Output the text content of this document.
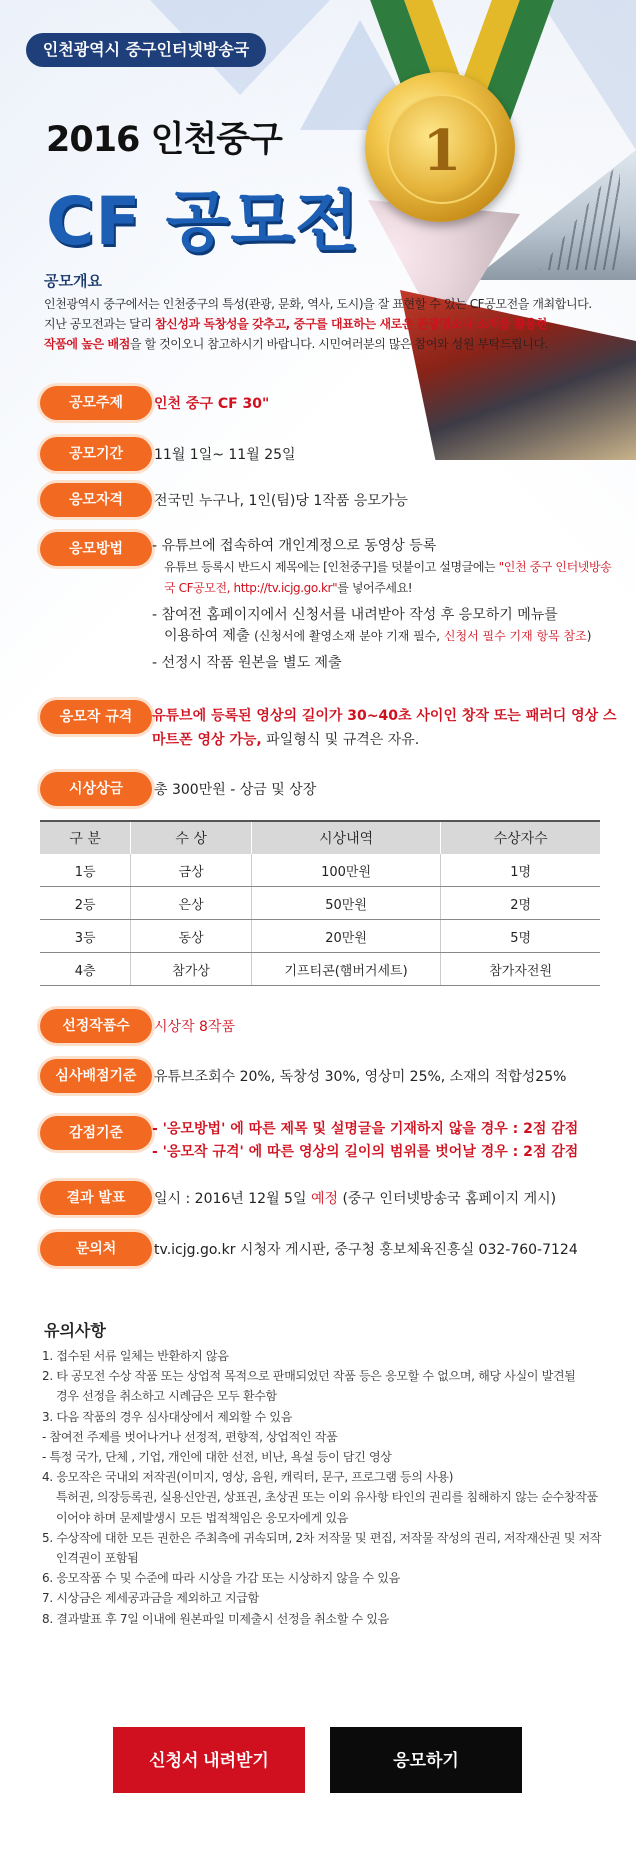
1
인천광역시 중구인터넷방송국
2016 인천중구
CF 공모전
공모개요
인천광역시 중구에서는 인천중구의 특성(관광, 문화, 역사, 도시)을 잘 표현할 수 있는 CF공모전을 개최합니다.
지난 공모전과는 달리 참신성과 독창성을 갖추고, 중구를 대표하는 새로운 관광명소나 소재를 활용한
작품에 높은 배점을 할 것이오니 참고하시기 바랍니다. 시민여러분의 많은 참여와 성원 부탁드립니다.
공모주제	인천 중구 CF 30"
공모기간	11월 1일~ 11월 25일
응모자격	전국민 누구나, 1인(팀)당 1작품 응모가능
응모방법	- 유튜브에 접속하여 개인계정으로 동영상 등록
유튜브 등록시 반드시 제목에는 [인천중구]를 덧붙이고 설명글에는 "인천 중구 인터넷방송국 CF공모전, http://tv.icjg.go.kr"를 넣어주세요!
- 참여전 홈페이지에서 신청서를 내려받아 작성 후 응모하기 메뉴를
이용하여 제출 (신청서에 촬영소재 분야 기재 필수, 신청서 필수 기재 항목 참조)
- 선정시 작품 원본을 별도 제출
응모작 규격	유튜브에 등록된 영상의 길이가 30~40초 사이인 창작 또는 패러디 영상 스마트폰 영상 가능, 파일형식 및 규격은 자유.
시상상금	총 300만원 - 상금 및 상장
구 분	수 상	시상내역	수상자수
1등	금상	100만원	1명
2등	은상	50만원	2명
3등	동상	20만원	5명
4층	참가상	기프티콘(햄버거세트)	참가자전원
선정작품수	시상작 8작품
심사배점기준	유튜브조회수 20%, 독창성 30%, 영상미 25%, 소재의 적합성25%
감점기준	- '응모방법' 에 따른 제목 및 설명글을 기재하지 않을 경우 : 2점 감점
- '응모작 규격' 에 따른 영상의 길이의 범위를 벗어날 경우 : 2점 감점
결과 발표	일시 : 2016년 12월 5일 예정 (중구 인터넷방송국 홈페이지 게시)
문의처	tv.icjg.go.kr 시청자 게시판, 중구청 홍보체육진흥실 032-760-7124
유의사항
1. 접수된 서류 일체는 반환하지 않음
2. 타 공모전 수상 작품 또는 상업적 목적으로 판매되었던 작품 등은 응모할 수 없으며, 해당 사실이 발견될
경우 선정을 취소하고 시례금은 모두 환수함
3. 다음 작품의 경우 심사대상에서 제외할 수 있음
- 참여전 주제를 벗어나거나 선정적, 편향적, 상업적인 작품
- 특정 국가, 단체 , 기업, 개인에 대한 선전, 비난, 욕설 등이 담긴 영상
4. 응모작은 국내외 저작권(이미지, 영상, 음원, 캐릭터, 문구, 프로그램 등의 사용)
특허권, 의장등록권, 실용신안권, 상표권, 초상권 또는 이외 유사항 타인의 권리를 침해하지 않는 순수창작품
이어야 하며 문제발생시 모든 법적책임은 응모자에게 있음
5. 수상작에 대한 모든 권한은 주최측에 귀속되며, 2차 저작물 및 편집, 저작물 작성의 권리, 저작재산권 및 저작
인격권이 포함됨
6. 응모작품 수 및 수준에 따라 시상을 가감 또는 시상하지 않을 수 있음
7. 시상금은 제세공과금을 제외하고 지급함
8. 결과발표 후 7일 이내에 원본파일 미제출시 선정을 취소할 수 있음
신청서 내려받기	응모하기
